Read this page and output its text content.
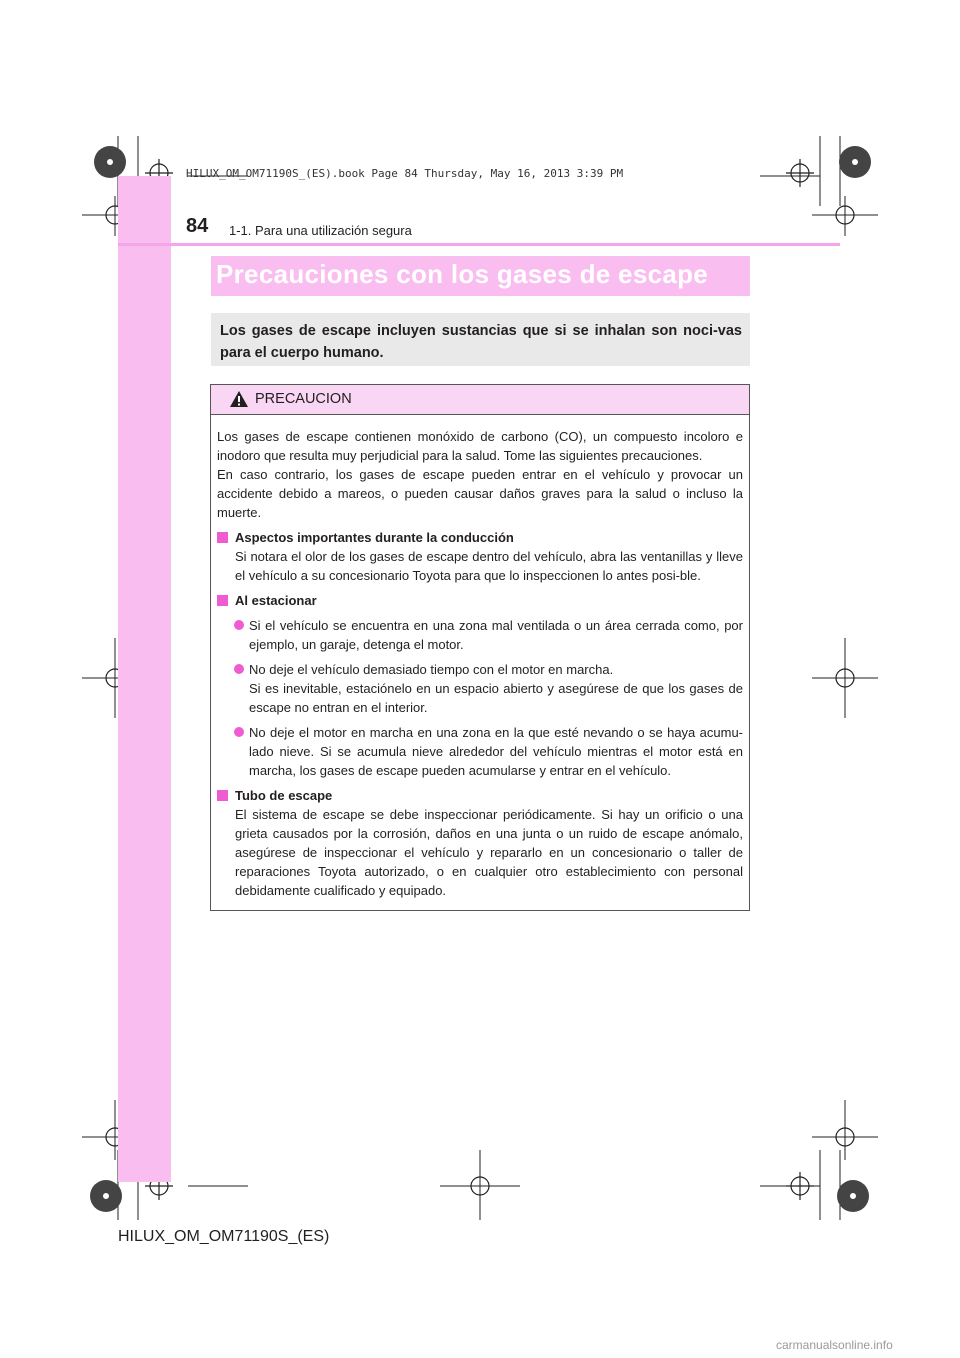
HILUX_OM_OM71190S_(ES).book Page 84 Thursday, May 16, 2013 3:39 PM
84 1-1. Para una utilización segura
Precauciones con los gases de escape
Los gases de escape incluyen sustancias que si se inhalan son noci-vas para el cuerpo humano.
PRECAUCION

Los gases de escape contienen monóxido de carbono (CO), un compuesto incoloro e inodoro que resulta muy perjudicial para la salud. Tome las siguientes precauciones.

En caso contrario, los gases de escape pueden entrar en el vehículo y provocar un accidente debido a mareos, o pueden causar daños graves para la salud o incluso la muerte.

Aspectos importantes durante la conducción

Si notara el olor de los gases de escape dentro del vehículo, abra las ventanillas y lleve el vehículo a su concesionario Toyota para que lo inspeccionen lo antes posi-ble.

Al estacionar
Si el vehículo se encuentra en una zona mal ventilada o un área cerrada como, por ejemplo, un garaje, detenga el motor.
No deje el vehículo demasiado tiempo con el motor en marcha.
Si es inevitable, estaciónelo en un espacio abierto y asegúrese de que los gases de escape no entran en el interior.
No deje el motor en marcha en una zona en la que esté nevando o se haya acumu-lado nieve. Si se acumula nieve alrededor del vehículo mientras el motor está en marcha, los gases de escape pueden acumularse y entrar en el vehículo.
Tubo de escape

El sistema de escape se debe inspeccionar periódicamente. Si hay un orificio o una grieta causados por la corrosión, daños en una junta o un ruido de escape anómalo, asegúrese de inspeccionar el vehículo y repararlo en un concesionario o taller de reparaciones Toyota autorizado, o en cualquier otro establecimiento con personal debidamente cualificado y equipado.

HILUX_OM_OM71190S_(ES)
carmanualsonline.info
